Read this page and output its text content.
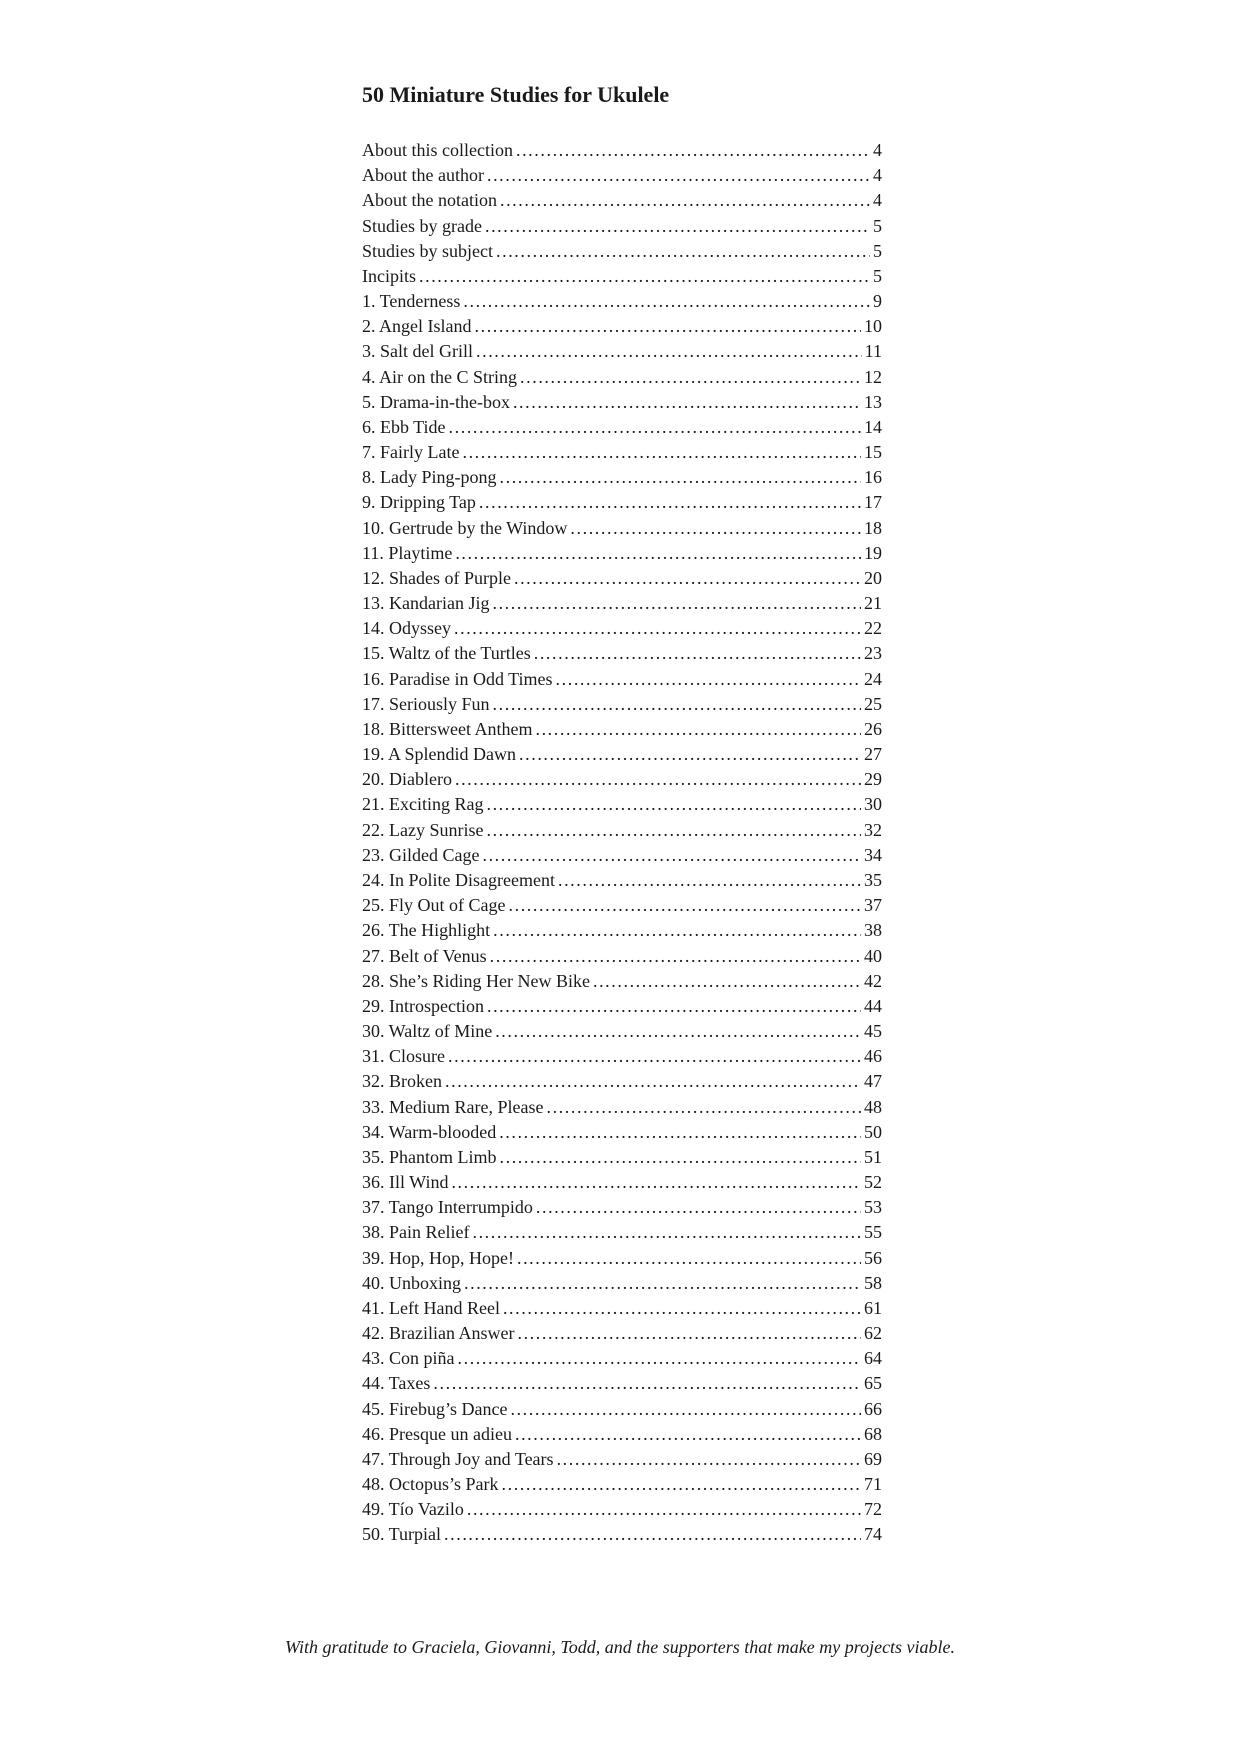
50 Miniature Studies for Ukulele
About this collection .....	4
About the author .....	4
About the notation .....	4
Studies by grade .....	5
Studies by subject .....	5
Incipits .....	5
1. Tenderness .....	9
2. Angel Island .....	10
3. Salt del Grill .....	11
4. Air on the C String .....	12
5. Drama-in-the-box .....	13
6. Ebb Tide .....	14
7. Fairly Late .....	15
8. Lady Ping-pong .....	16
9. Dripping Tap .....	17
10. Gertrude by the Window .....	18
11. Playtime .....	19
12. Shades of Purple .....	20
13. Kandarian Jig .....	21
14. Odyssey .....	22
15. Waltz of the Turtles .....	23
16. Paradise in Odd Times .....	24
17. Seriously Fun .....	25
18. Bittersweet Anthem .....	26
19. A Splendid Dawn .....	27
20. Diablero .....	29
21. Exciting Rag .....	30
22. Lazy Sunrise .....	32
23. Gilded Cage .....	34
24. In Polite Disagreement .....	35
25. Fly Out of Cage .....	37
26. The Highlight .....	38
27. Belt of Venus .....	40
28. She’s Riding Her New Bike .....	42
29. Introspection .....	44
30. Waltz of Mine .....	45
31. Closure .....	46
32. Broken .....	47
33. Medium Rare, Please .....	48
34. Warm-blooded .....	50
35. Phantom Limb .....	51
36. Ill Wind .....	52
37. Tango Interrumpido .....	53
38. Pain Relief .....	55
39. Hop, Hop, Hope! .....	56
40. Unboxing .....	58
41. Left Hand Reel .....	61
42. Brazilian Answer .....	62
43. Con piña .....	64
44. Taxes .....	65
45. Firebug’s Dance .....	66
46. Presque un adieu .....	68
47. Through Joy and Tears .....	69
48. Octopus’s Park .....	71
49. Tío Vazilo .....	72
50. Turpial .....	74

With gratitude to Graciela, Giovanni, Todd, and the supporters that make my projects viable.
